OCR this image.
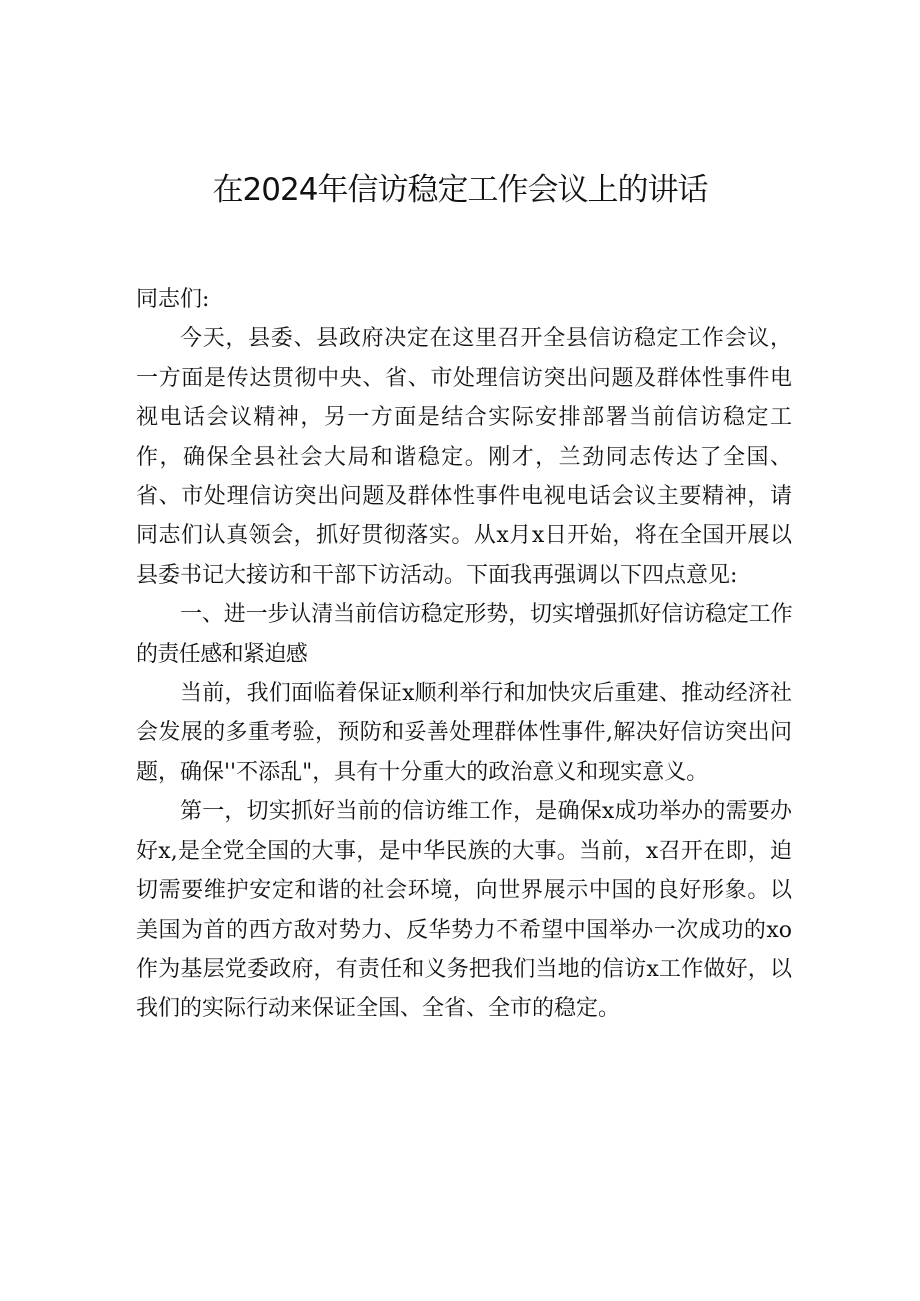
在2024年信访稳定工作会议上的讲话

同志们:

今天，县委、县政府决定在这里召开全县信访稳定工作会议，一方面是传达贯彻中央、省、市处理信访突出问题及群体性事件电视电话会议精神，另一方面是结合实际安排部署当前信访稳定工作，确保全县社会大局和谐稳定。刚才，兰劲同志传达了全国、省、市处理信访突出问题及群体性事件电视电话会议主要精神，请同志们认真领会，抓好贯彻落实。从x月x日开始，将在全国开展以县委书记大接访和干部下访活动。下面我再强调以下四点意见:

一、进一步认清当前信访稳定形势，切实增强抓好信访稳定工作的责任感和紧迫感

当前，我们面临着保证x顺利举行和加快灾后重建、推动经济社会发展的多重考验，预防和妥善处理群体性事件,解决好信访突出问题，确保''不添乱"，具有十分重大的政治意义和现实意义。

第一，切实抓好当前的信访维工作，是确保x成功举办的需要办好x,是全党全国的大事，是中华民族的大事。当前，x召开在即，迫切需要维护安定和谐的社会环境，向世界展示中国的良好形象。以美国为首的西方敌对势力、反华势力不希望中国举办一次成功的xo作为基层党委政府，有责任和义务把我们当地的信访x工作做好，以我们的实际行动来保证全国、全省、全市的稳定。
